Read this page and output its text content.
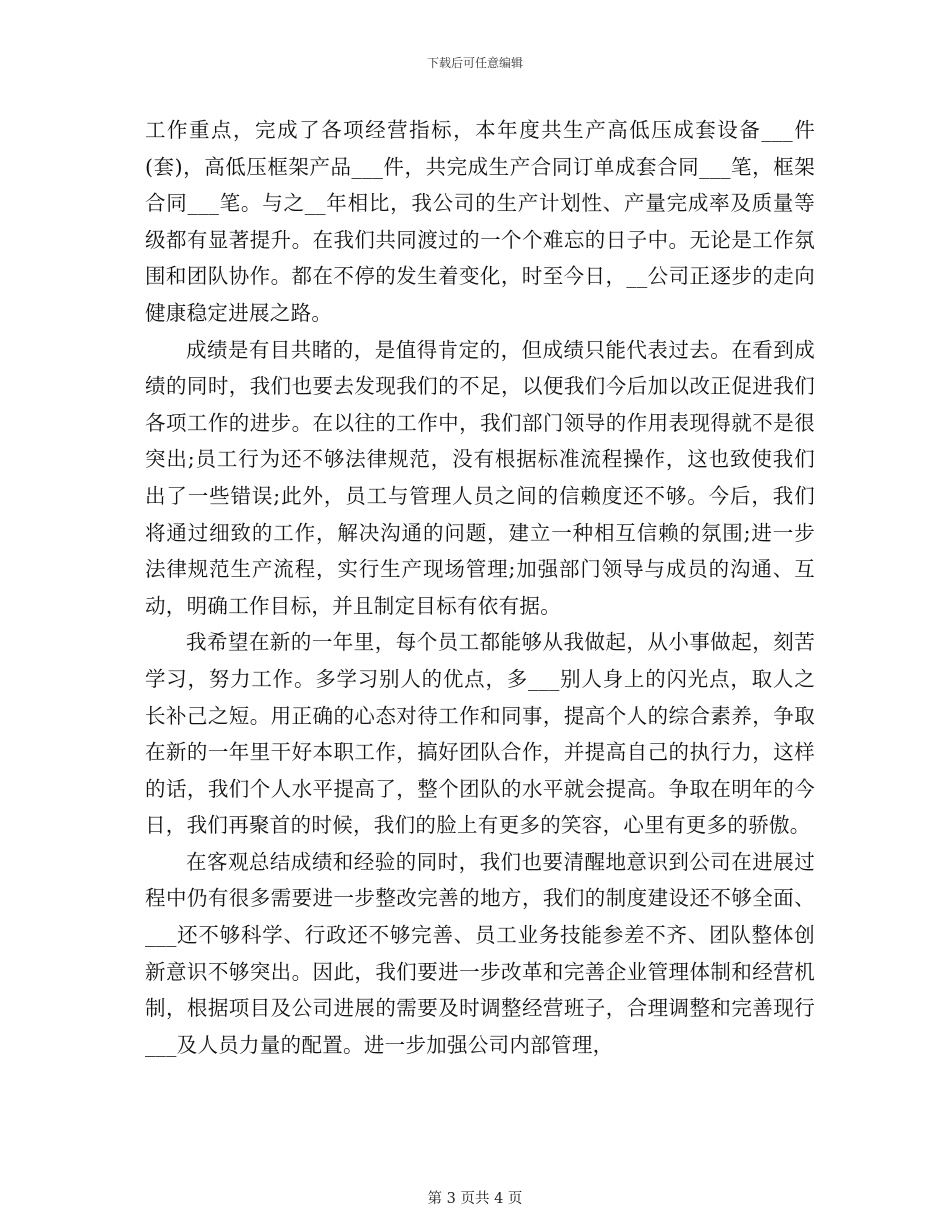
下载后可任意编辑

工作重点，完成了各项经营指标，本年度共生产高低压成套设备___件(套)，高低压框架产品___件，共完成生产合同订单成套合同___笔，框架合同___笔。与之__年相比，我公司的生产计划性、产量完成率及质量等级都有显著提升。在我们共同渡过的一个个难忘的日子中。无论是工作氛围和团队协作。都在不停的发生着变化，时至今日，__公司正逐步的走向健康稳定进展之路。

成绩是有目共睹的，是值得肯定的，但成绩只能代表过去。在看到成绩的同时，我们也要去发现我们的不足，以便我们今后加以改正促进我们各项工作的进步。在以往的工作中，我们部门领导的作用表现得就不是很突出;员工行为还不够法律规范，没有根据标准流程操作，这也致使我们出了一些错误;此外，员工与管理人员之间的信赖度还不够。今后，我们将通过细致的工作，解决沟通的问题，建立一种相互信赖的氛围;进一步法律规范生产流程，实行生产现场管理;加强部门领导与成员的沟通、互动，明确工作目标，并且制定目标有依有据。

我希望在新的一年里，每个员工都能够从我做起，从小事做起，刻苦学习，努力工作。多学习别人的优点，多___别人身上的闪光点，取人之长补己之短。用正确的心态对待工作和同事，提高个人的综合素养，争取在新的一年里干好本职工作，搞好团队合作，并提高自己的执行力，这样的话，我们个人水平提高了，整个团队的水平就会提高。争取在明年的今日，我们再聚首的时候，我们的脸上有更多的笑容，心里有更多的骄傲。

在客观总结成绩和经验的同时，我们也要清醒地意识到公司在进展过程中仍有很多需要进一步整改完善的地方，我们的制度建设还不够全面、___还不够科学、行政还不够完善、员工业务技能参差不齐、团队整体创新意识不够突出。因此，我们要进一步改革和完善企业管理体制和经营机制，根据项目及公司进展的需要及时调整经营班子，合理调整和完善现行___及人员力量的配置。进一步加强公司内部管理，

第 3 页共 4 页
